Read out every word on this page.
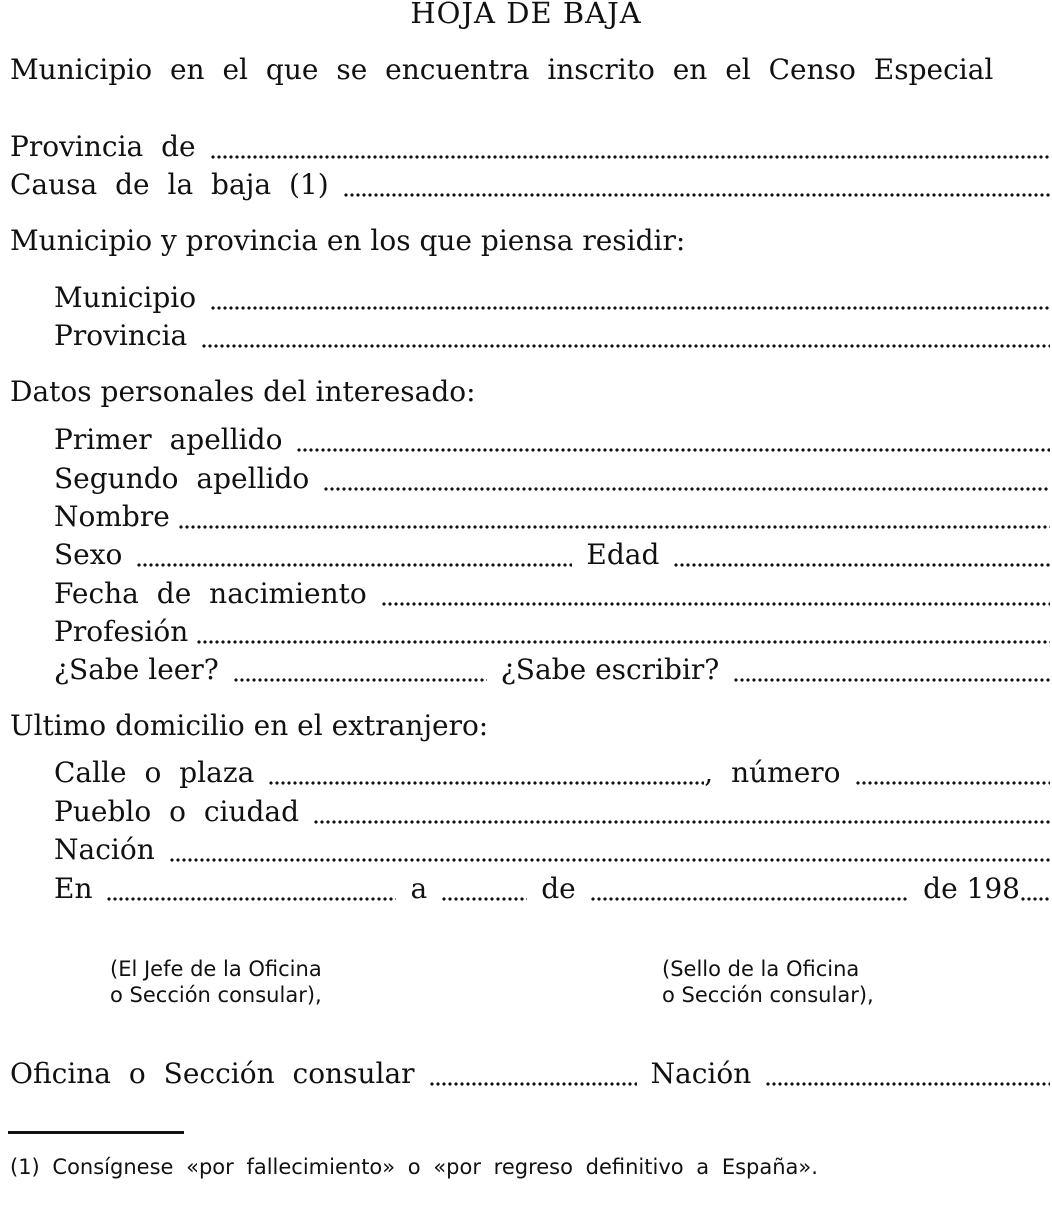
HOJA DE BAJA
Municipio en el que se encuentra inscrito en el Censo Especial
Provincia de
Causa de la baja (1)
Municipio y provincia en los que piensa residir:
Municipio
Provincia
Datos personales del interesado:
Primer apellido
Segundo apellido
Nombre
Sexo	Edad
Fecha de nacimiento
Profesión
¿Sabe leer?	¿Sabe escribir?
Ultimo domicilio en el extranjero:
Calle o plaza	, número
Pueblo o ciudad
Nación
En	a	de	de 198
(El Jefe de la Oficina
o Sección consular),
(Sello de la Oficina
o Sección consular),
Oficina o Sección consular	Nación
(1) Consígnese «por fallecimiento» o «por regreso definitivo a España».
